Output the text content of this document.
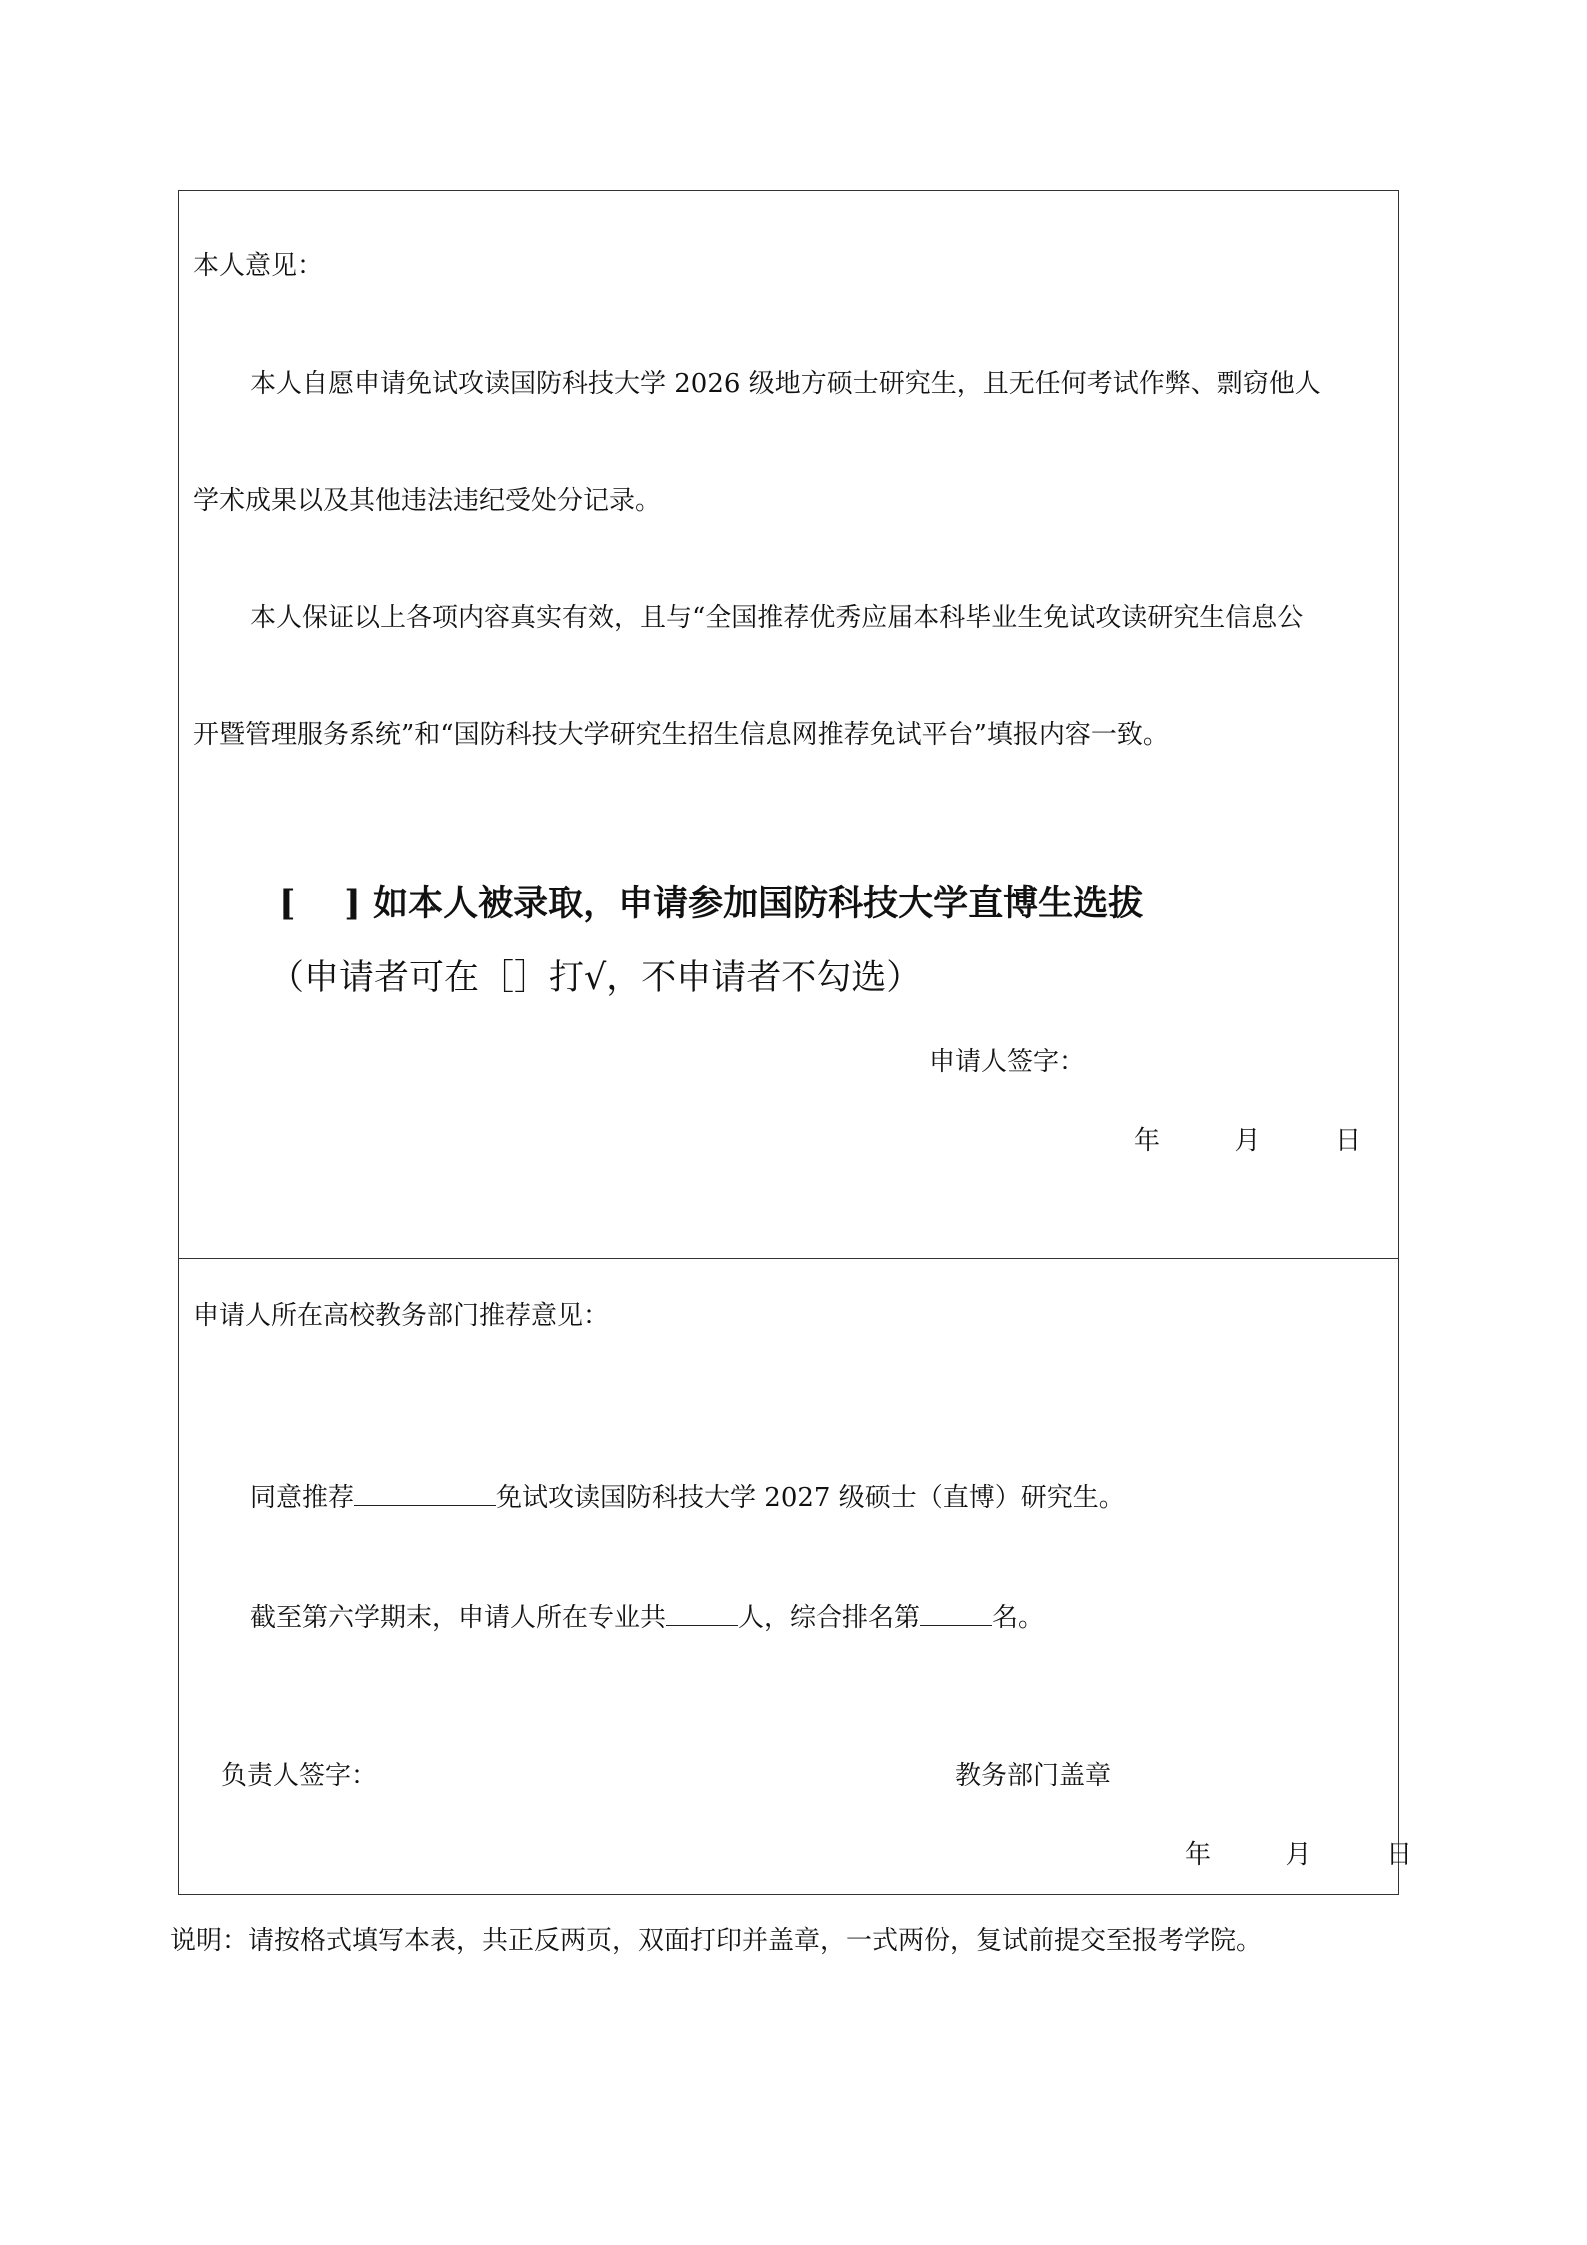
本人意见：
本人自愿申请免试攻读国防科技大学 2026 级地方硕士研究生，且无任何考试作弊、剽窃他人
学术成果以及其他违法违纪受处分记录。
本人保证以上各项内容真实有效，且与“全国推荐优秀应届本科毕业生免试攻读研究生信息公
开暨管理服务系统”和“国防科技大学研究生招生信息网推荐免试平台”填报内容一致。
[    ] 如本人被录取，申请参加国防科技大学直博生选拔
（申请者可在［］打√，不申请者不勾选）
申请人签字：
年	月	日
申请人所在高校教务部门推荐意见：
同意推荐	免试攻读国防科技大学 2027 级硕士（直博）研究生。
截至第六学期末，申请人所在专业共	人，综合排名第	名。
负责人签字：	教务部门盖章
年	月	日
说明：请按格式填写本表，共正反两页，双面打印并盖章，一式两份，复试前提交至报考学院。
